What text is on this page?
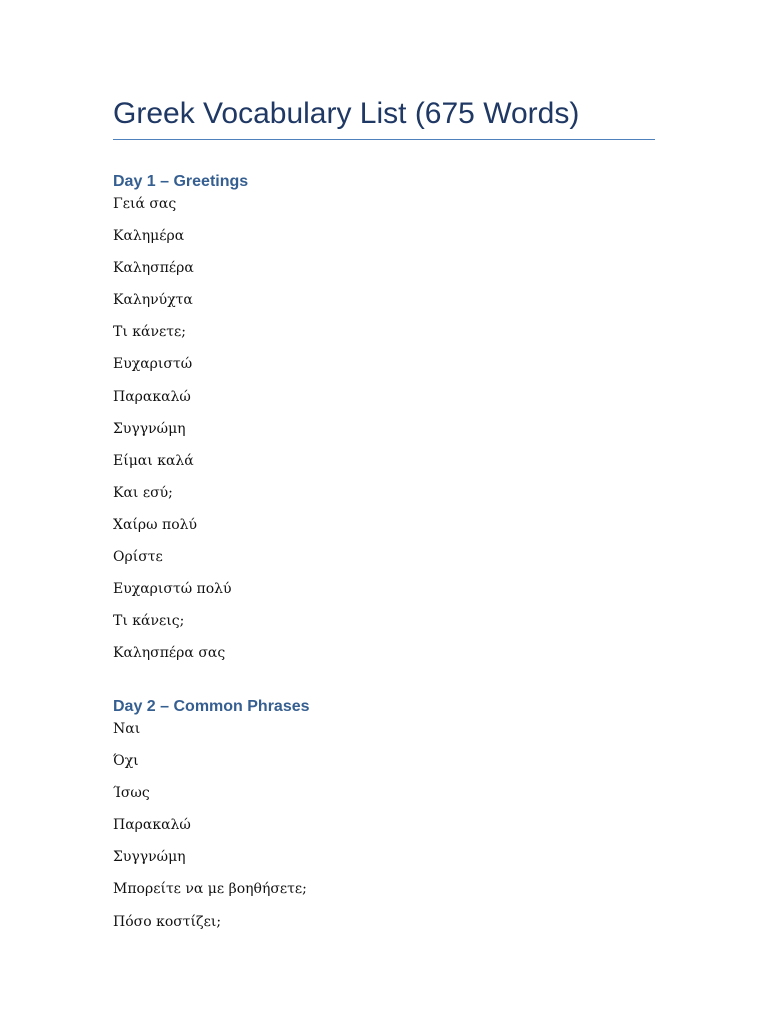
Greek Vocabulary List (675 Words)
Day 1 – Greetings
Γειά σας
Καλημέρα
Καλησπέρα
Καληνύχτα
Τι κάνετε;
Ευχαριστώ
Παρακαλώ
Συγγνώμη
Είμαι καλά
Και εσύ;
Χαίρω πολύ
Ορίστε
Ευχαριστώ πολύ
Τι κάνεις;
Καλησπέρα σας
Day 2 – Common Phrases
Ναι
Όχι
Ίσως
Παρακαλώ
Συγγνώμη
Μπορείτε να με βοηθήσετε;
Πόσο κοστίζει;
